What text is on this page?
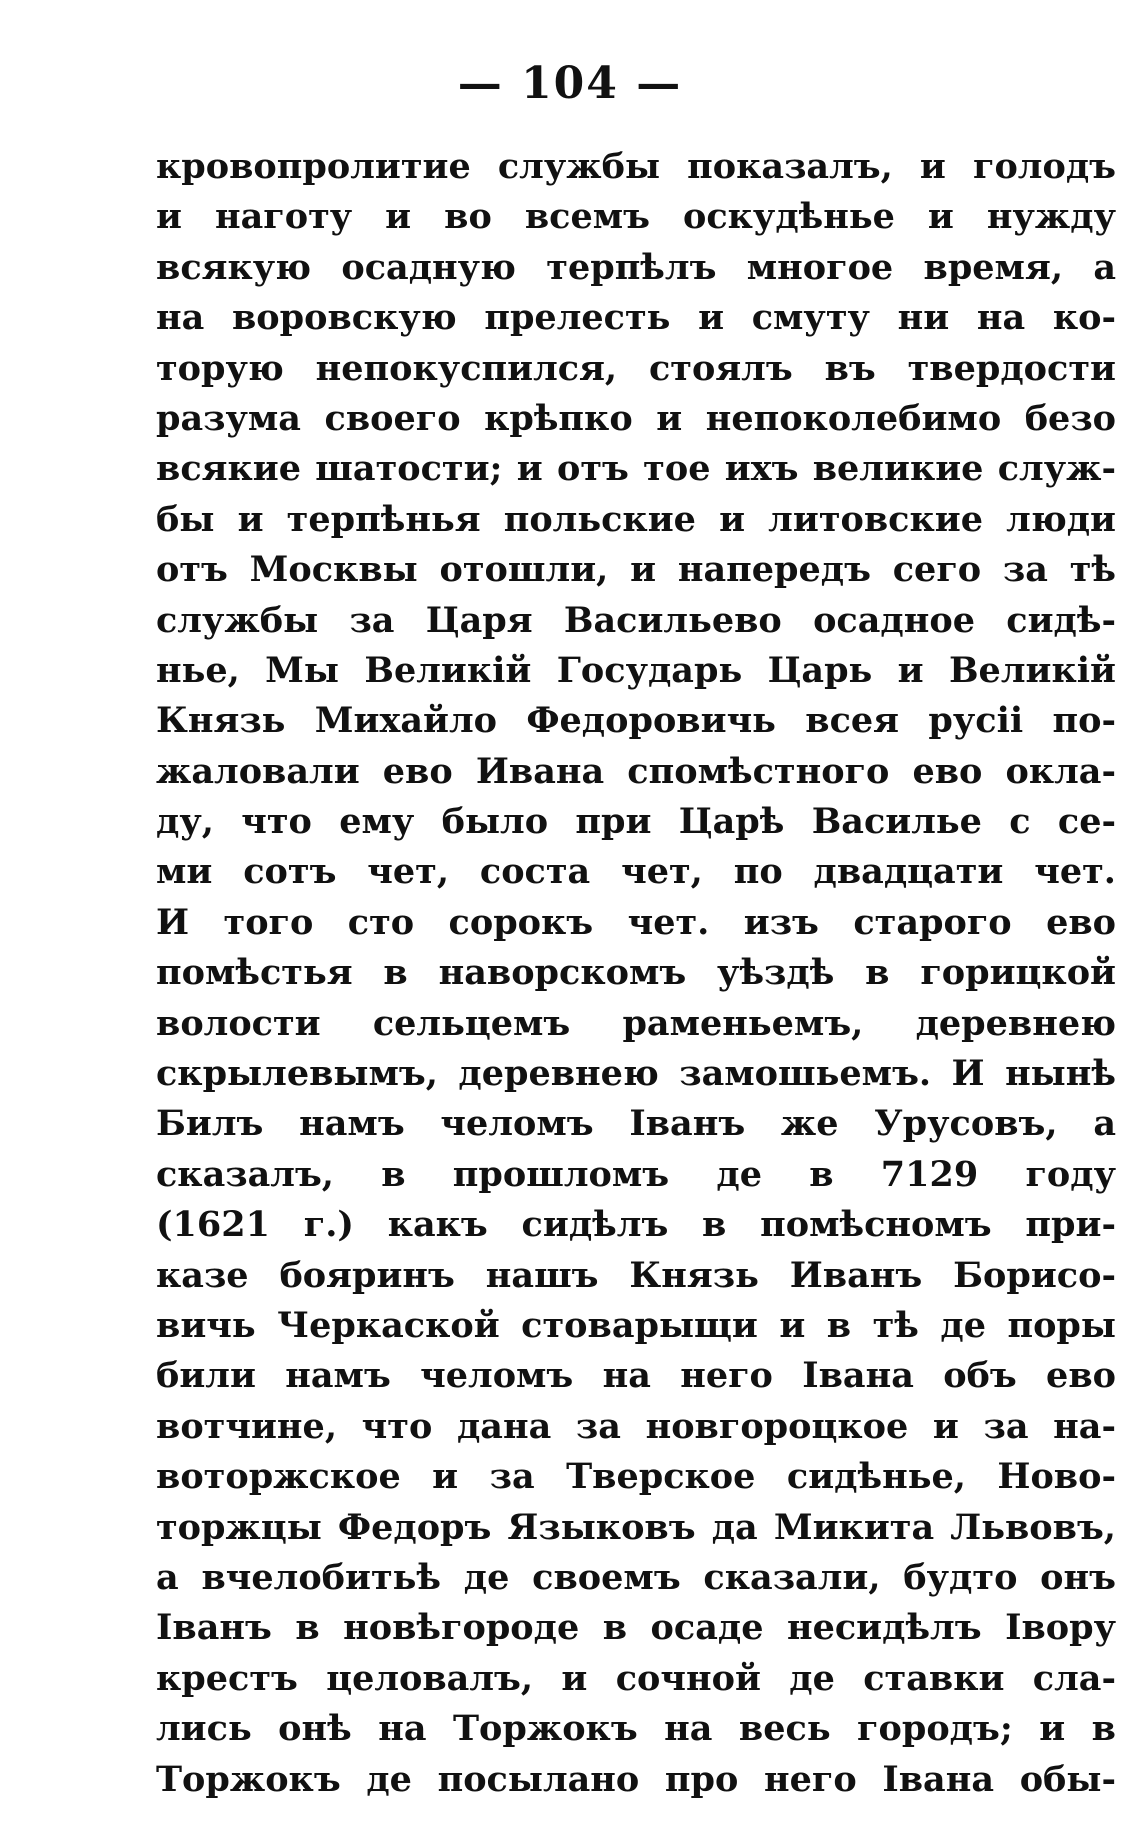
— 104 —
кровопролитие службы показалъ, и голодъ
и наготу и во всемъ оскудѣнье и нужду
всякую осадную терпѣлъ многое время, а
на воровскую прелесть и смуту ни на ко-
торую непокуспился, стоялъ въ твердости
разума своего крѣпко и непоколебимо безо
всякие шатости; и отъ тое ихъ великие служ-
бы и терпѣнья польские и литовские люди
отъ Москвы отошли, и напередъ сего за тѣ
службы за Царя Васильево осадное сидѣ-
нье, Мы Великій Государь Царь и Великій
Князь Михайло Федоровичь всея русіі по-
жаловали ево Ивана спомѣстного ево окла-
ду, что ему было при Царѣ Василье с се-
ми сотъ чет, соста чет, по двадцати чет.
И того сто сорокъ чет. изъ старого ево
помѣстья в наворскомъ уѣздѣ в горицкой
волости сельцемъ раменьемъ, деревнею
скрылевымъ, деревнею замошьемъ. И нынѣ
Билъ намъ челомъ Іванъ же Урусовъ, а
сказалъ, в прошломъ де в 7129 году
(1621 г.) какъ сидѣлъ в помѣсномъ при-
казе бояринъ нашъ Князь Иванъ Борисо-
вичь Черкаской стоварыщи и в тѣ де поры
били намъ челомъ на него Івана объ ево
вотчине, что дана за новгороцкое и за на-
воторжское и за Тверское сидѣнье, Ново-
торжцы Федоръ Языковъ да Микита Львовъ,
а вчелобитьѣ де своемъ сказали, будто онъ
Іванъ в новѣгороде в осаде несидѣлъ Івору
крестъ целовалъ, и сочной де ставки сла-
лись онѣ на Торжокъ на весь городъ; и в
Торжокъ де посылано про него Івана обы-
